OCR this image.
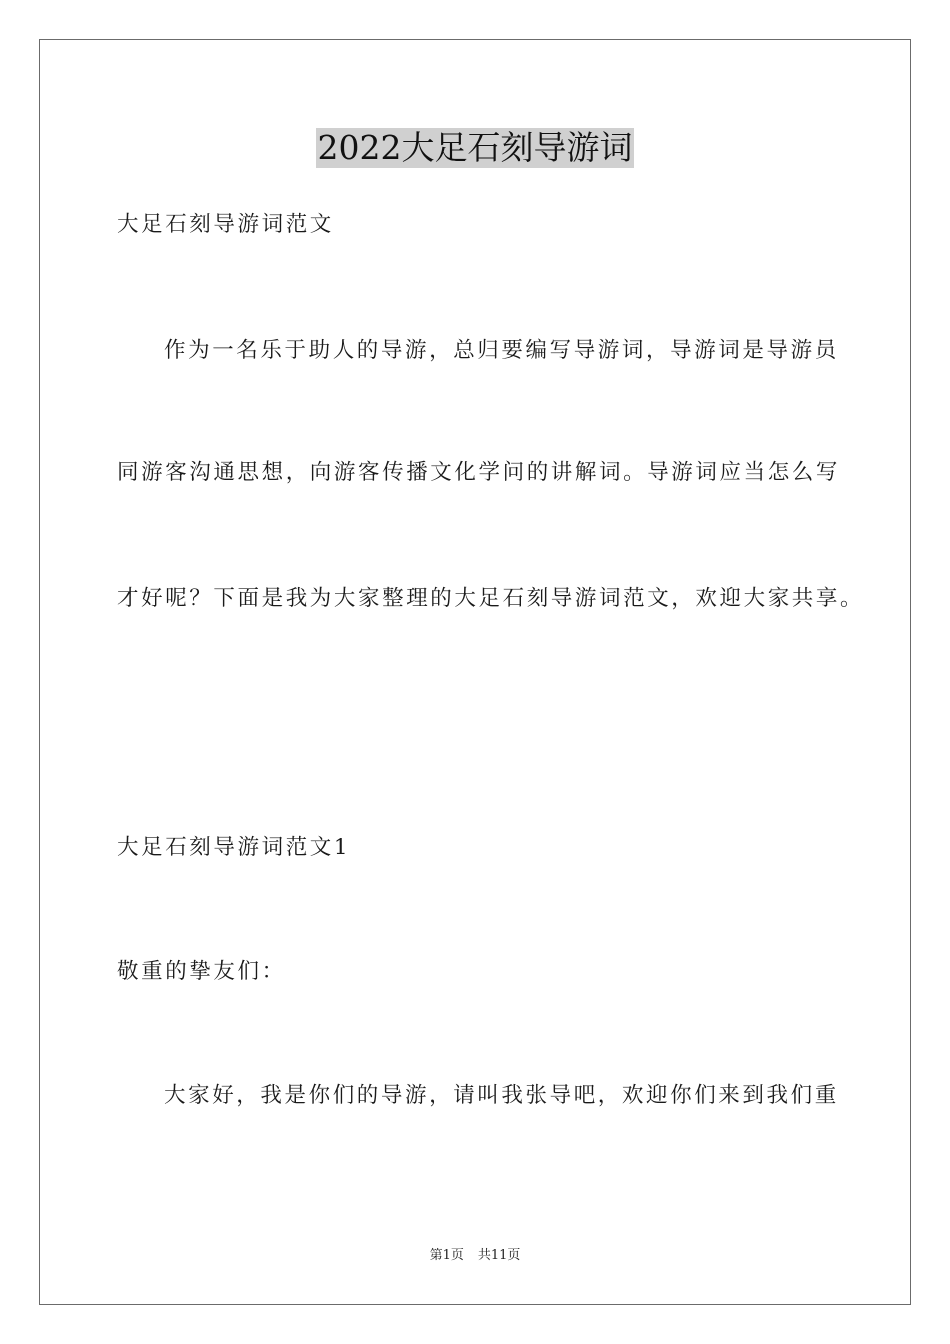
2022大足石刻导游词
大足石刻导游词范文
作为一名乐于助人的导游，总归要编写导游词，导游词是导游员
同游客沟通思想，向游客传播文化学问的讲解词。导游词应当怎么写
才好呢？下面是我为大家整理的大足石刻导游词范文，欢迎大家共享。
大足石刻导游词范文1
敬重的挚友们：
大家好，我是你们的导游，请叫我张导吧，欢迎你们来到我们重
第1页 共11页
